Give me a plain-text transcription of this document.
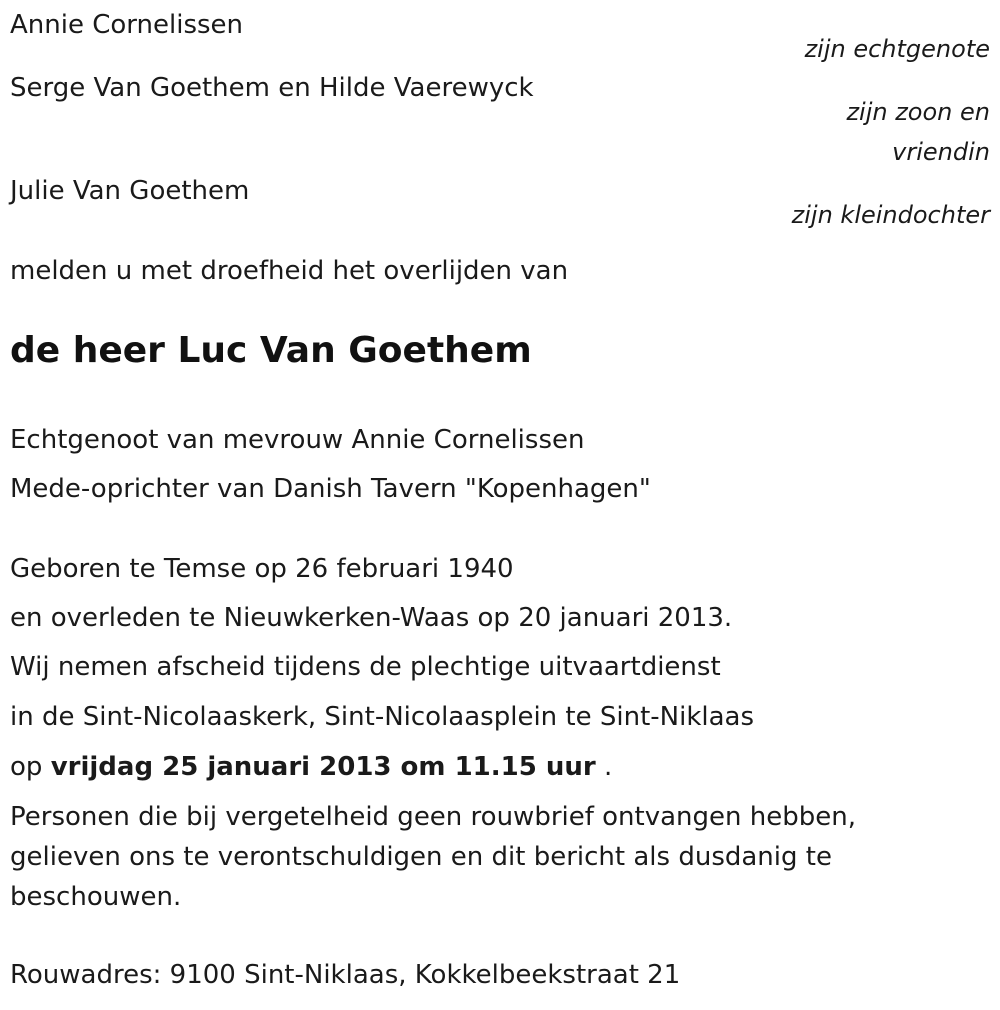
Annie Cornelissen
zijn echtgenote
Serge Van Goethem en Hilde Vaerewyck
zijn zoon en
vriendin
Julie Van Goethem
zijn kleindochter
melden u met droefheid het overlijden van
de heer Luc Van Goethem
Echtgenoot van mevrouw Annie Cornelissen
Mede-oprichter van Danish Tavern "Kopenhagen"
Geboren te Temse op 26 februari 1940
en overleden te Nieuwkerken-Waas op 20 januari 2013.
Wij nemen afscheid tijdens de plechtige uitvaartdienst
in de Sint-Nicolaaskerk, Sint-Nicolaasplein te Sint-Niklaas
op vrijdag 25 januari 2013 om 11.15 uur .

Personen die bij vergetelheid geen rouwbrief ontvangen hebben, gelieven ons te verontschuldigen en dit bericht als dusdanig te beschouwen.

Rouwadres: 9100 Sint-Niklaas, Kokkelbeekstraat 21
